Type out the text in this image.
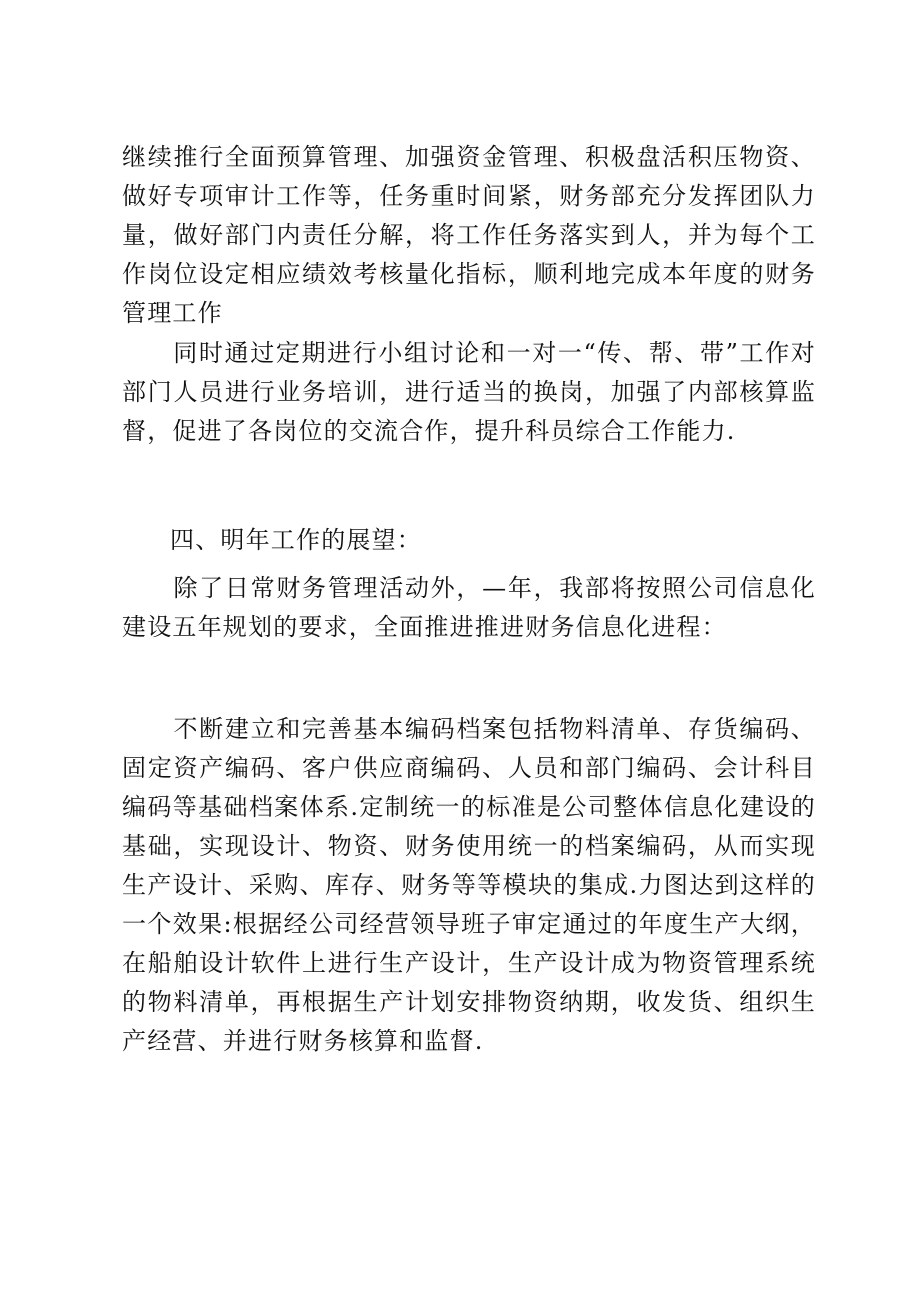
继续推行全面预算管理、加强资金管理、积极盘活积压物资、做好专项审计工作等，任务重时间紧，财务部充分发挥团队力量，做好部门内责任分解，将工作任务落实到人，并为每个工作岗位设定相应绩效考核量化指标，顺利地完成本年度的财务管理工作

　　同时通过定期进行小组讨论和一对一“传、帮、带”工作对部门人员进行业务培训，进行适当的换岗，加强了内部核算监督，促进了各岗位的交流合作，提升科员综合工作能力.

四、明年工作的展望：

　　除了日常财务管理活动外，—年，我部将按照公司信息化建设五年规划的要求，全面推进推进财务信息化进程：

　　不断建立和完善基本编码档案包括物料清单、存货编码、固定资产编码、客户供应商编码、人员和部门编码、会计科目编码等基础档案体系.定制统一的标准是公司整体信息化建设的基础，实现设计、物资、财务使用统一的档案编码，从而实现生产设计、采购、库存、财务等等模块的集成.力图达到这样的一个效果:根据经公司经营领导班子审定通过的年度生产大纲，在船舶设计软件上进行生产设计，生产设计成为物资管理系统的物料清单，再根据生产计划安排物资纳期，收发货、组织生产经营、并进行财务核算和监督.
